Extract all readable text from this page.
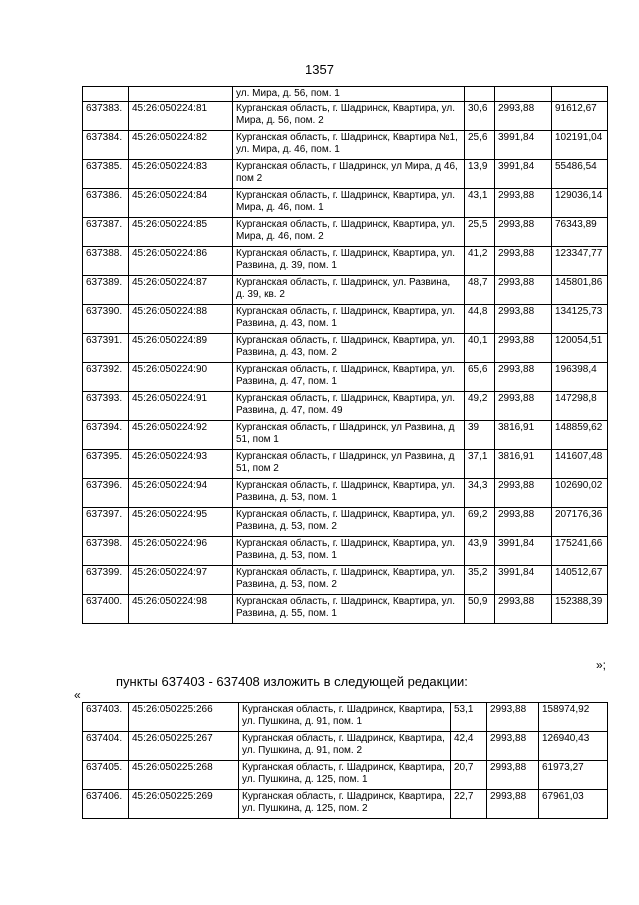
1357
		ул. Мира, д. 56, пом. 1			
637383.	45:26:050224:81	Курганская область, г. Шадринск, Квартира, ул. Мира, д. 56, пом. 2	30,6	2993,88	91612,67
637384.	45:26:050224:82	Курганская область, г. Шадринск, Квартира №1, ул. Мира, д. 46, пом. 1	25,6	3991,84	102191,04
637385.	45:26:050224:83	Курганская область, г Шадринск, ул Мира, д 46, пом 2	13,9	3991,84	55486,54
637386.	45:26:050224:84	Курганская область, г. Шадринск, Квартира, ул. Мира, д. 46, пом. 1	43,1	2993,88	129036,14
637387.	45:26:050224:85	Курганская область, г. Шадринск, Квартира, ул. Мира, д. 46, пом. 2	25,5	2993,88	76343,89
637388.	45:26:050224:86	Курганская область, г. Шадринск, Квартира, ул. Развина, д. 39, пом. 1	41,2	2993,88	123347,77
637389.	45:26:050224:87	Курганская область, г. Шадринск, ул. Развина, д. 39, кв. 2	48,7	2993,88	145801,86
637390.	45:26:050224:88	Курганская область, г. Шадринск, Квартира, ул. Развина, д. 43, пом. 1	44,8	2993,88	134125,73
637391.	45:26:050224:89	Курганская область, г. Шадринск, Квартира, ул. Развина, д. 43, пом. 2	40,1	2993,88	120054,51
637392.	45:26:050224:90	Курганская область, г. Шадринск, Квартира, ул. Развина, д. 47, пом. 1	65,6	2993,88	196398,4
637393.	45:26:050224:91	Курганская область, г. Шадринск, Квартира, ул. Развина, д. 47, пом. 49	49,2	2993,88	147298,8
637394.	45:26:050224:92	Курганская область, г Шадринск, ул Развина, д 51, пом 1	39	3816,91	148859,62
637395.	45:26:050224:93	Курганская область, г Шадринск, ул Развина, д 51, пом 2	37,1	3816,91	141607,48
637396.	45:26:050224:94	Курганская область, г. Шадринск, Квартира, ул. Развина, д. 53, пом. 1	34,3	2993,88	102690,02
637397.	45:26:050224:95	Курганская область, г. Шадринск, Квартира, ул. Развина, д. 53, пом. 2	69,2	2993,88	207176,36
637398.	45:26:050224:96	Курганская область, г. Шадринск, Квартира, ул. Развина, д. 53, пом. 1	43,9	3991,84	175241,66
637399.	45:26:050224:97	Курганская область, г. Шадринск, Квартира, ул. Развина, д. 53, пом. 2	35,2	3991,84	140512,67
637400.	45:26:050224:98	Курганская область, г. Шадринск, Квартира, ул. Развина, д. 55, пом. 1	50,9	2993,88	152388,39
»;
пункты 637403 - 637408 изложить в следующей редакции:
«
637403.	45:26:050225:266	Курганская область, г. Шадринск, Квартира, ул. Пушкина, д. 91, пом. 1	53,1	2993,88	158974,92
637404.	45:26:050225:267	Курганская область, г. Шадринск, Квартира, ул. Пушкина, д. 91, пом. 2	42,4	2993,88	126940,43
637405.	45:26:050225:268	Курганская область, г. Шадринск, Квартира, ул. Пушкина, д. 125, пом. 1	20,7	2993,88	61973,27
637406.	45:26:050225:269	Курганская область, г. Шадринск, Квартира, ул. Пушкина, д. 125, пом. 2	22,7	2993,88	67961,03
